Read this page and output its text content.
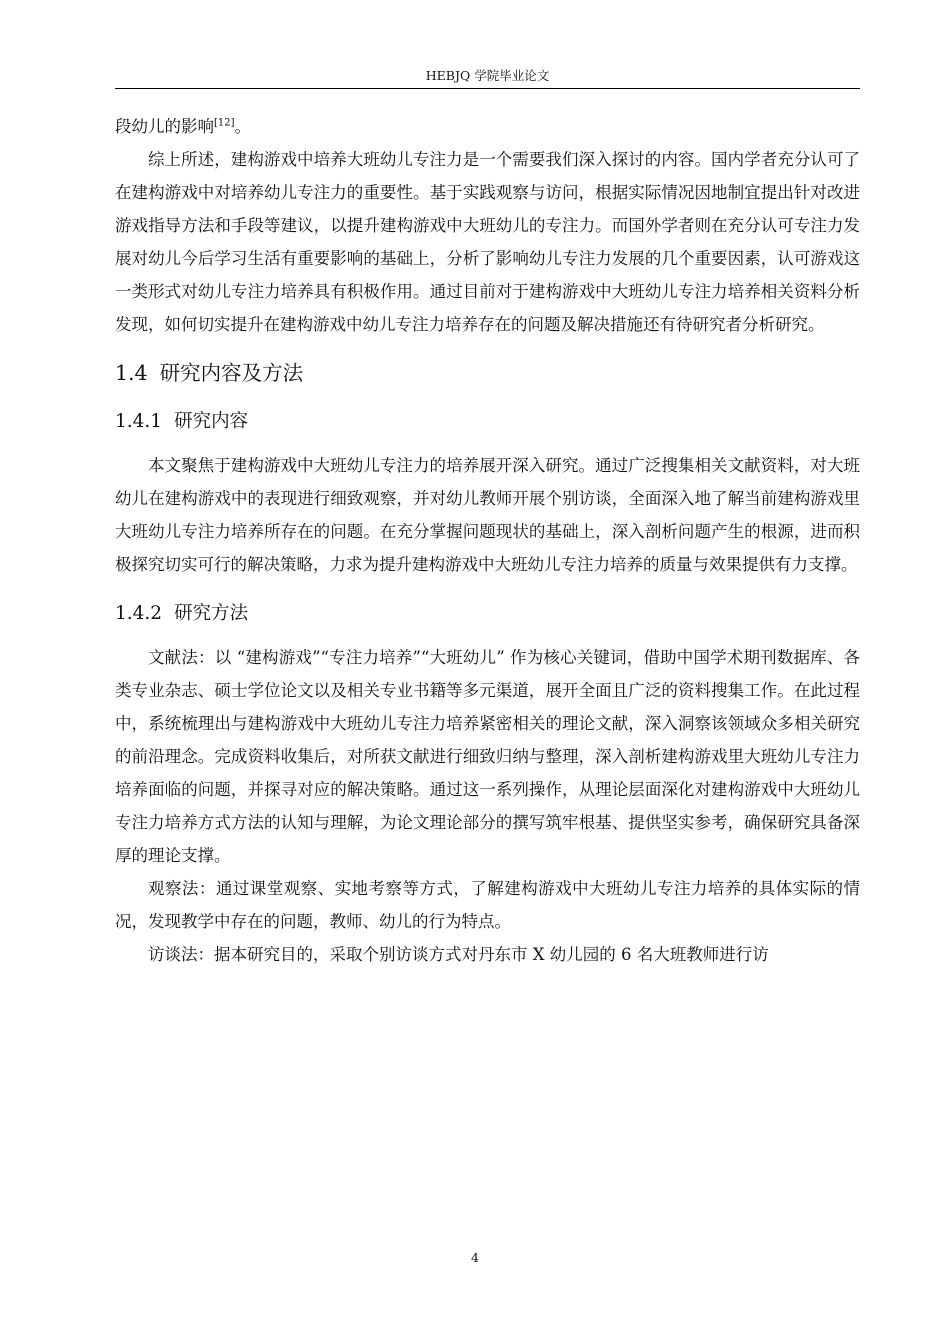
HEBJQ 学院毕业论文

段幼儿的影响[12]。

综上所述，建构游戏中培养大班幼儿专注力是一个需要我们深入探讨的内容。国内学者充分认可了在建构游戏中对培养幼儿专注力的重要性。基于实践观察与访问，根据实际情况因地制宜提出针对改进游戏指导方法和手段等建议，以提升建构游戏中大班幼儿的专注力。而国外学者则在充分认可专注力发展对幼儿今后学习生活有重要影响的基础上，分析了影响幼儿专注力发展的几个重要因素，认可游戏这一类形式对幼儿专注力培养具有积极作用。通过目前对于建构游戏中大班幼儿专注力培养相关资料分析发现，如何切实提升在建构游戏中幼儿专注力培养存在的问题及解决措施还有待研究者分析研究。

1.4 研究内容及方法
1.4.1 研究内容

本文聚焦于建构游戏中大班幼儿专注力的培养展开深入研究。通过广泛搜集相关文献资料，对大班幼儿在建构游戏中的表现进行细致观察，并对幼儿教师开展个别访谈，全面深入地了解当前建构游戏里大班幼儿专注力培养所存在的问题。在充分掌握问题现状的基础上，深入剖析问题产生的根源，进而积极探究切实可行的解决策略，力求为提升建构游戏中大班幼儿专注力培养的质量与效果提供有力支撑。

1.4.2 研究方法

文献法：以 “建构游戏”“专注力培养”“大班幼儿” 作为核心关键词，借助中国学术期刊数据库、各类专业杂志、硕士学位论文以及相关专业书籍等多元渠道，展开全面且广泛的资料搜集工作。在此过程中，系统梳理出与建构游戏中大班幼儿专注力培养紧密相关的理论文献，深入洞察该领域众多相关研究的前沿理念。完成资料收集后，对所获文献进行细致归纳与整理，深入剖析建构游戏里大班幼儿专注力培养面临的问题，并探寻对应的解决策略。通过这一系列操作，从理论层面深化对建构游戏中大班幼儿专注力培养方式方法的认知与理解，为论文理论部分的撰写筑牢根基、提供坚实参考，确保研究具备深厚的理论支撑。

观察法：通过课堂观察、实地考察等方式，了解建构游戏中大班幼儿专注力培养的具体实际的情况，发现教学中存在的问题，教师、幼儿的行为特点。

访谈法：据本研究目的，采取个别访谈方式对丹东市 X 幼儿园的 6 名大班教师进行访

4
